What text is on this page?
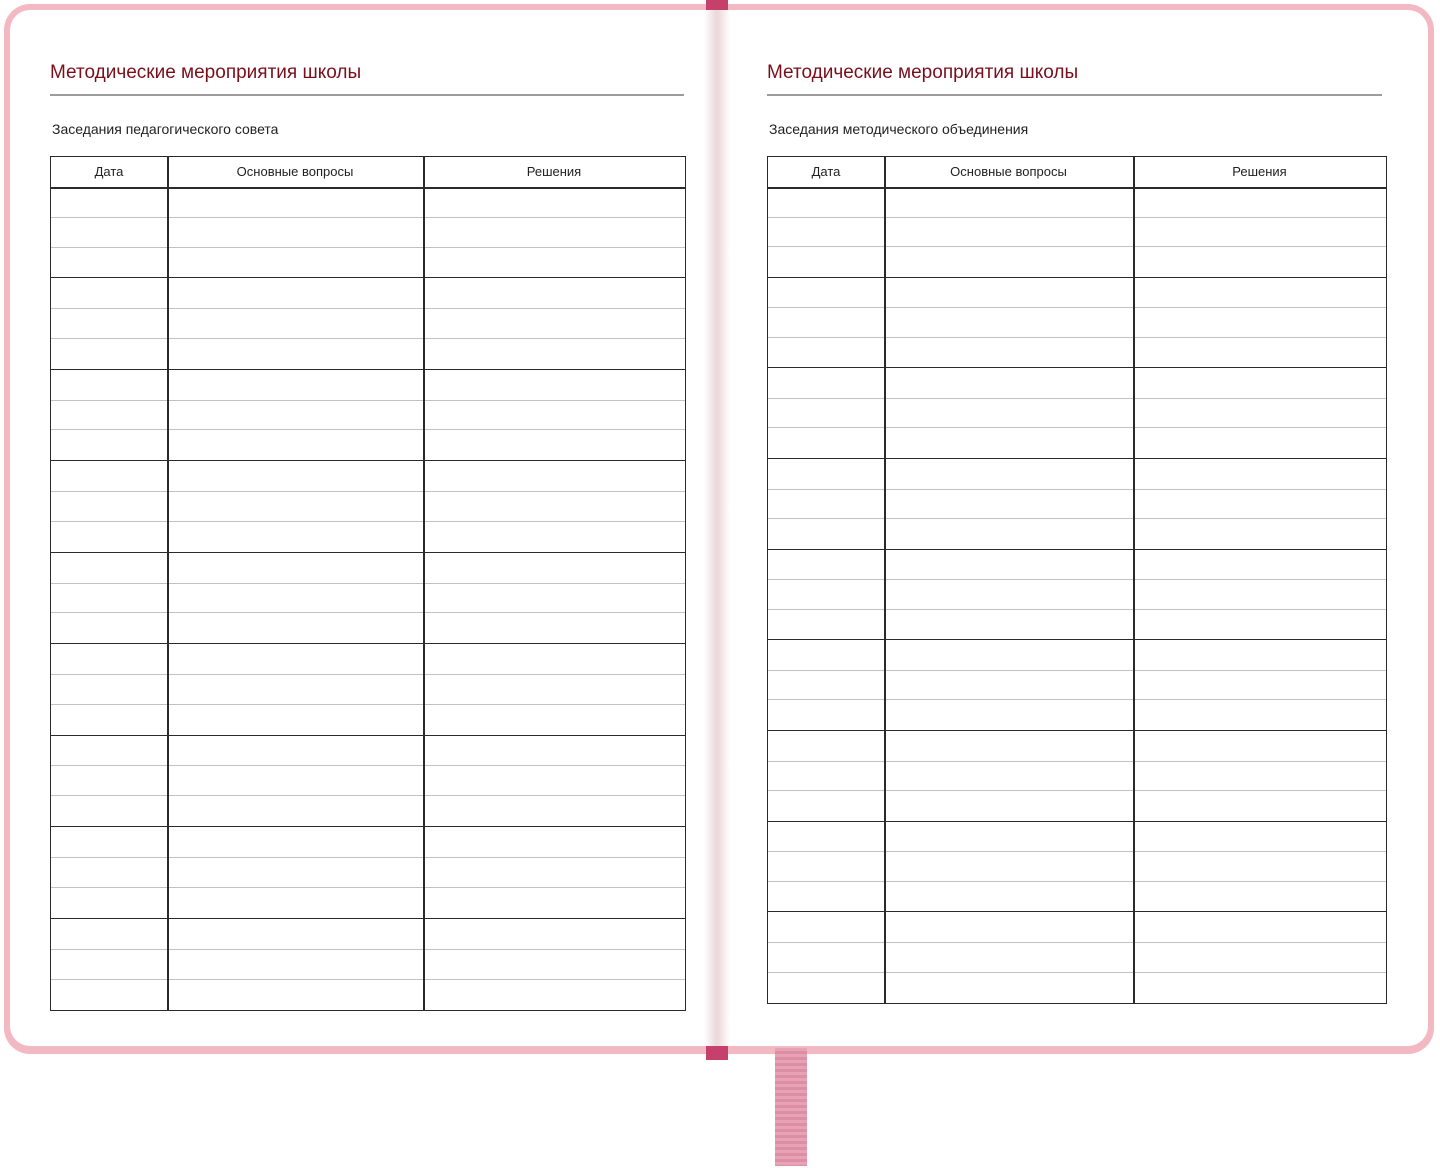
Методические мероприятия школы

Заседания педагогического совета

Дата	Основные вопросы	Решения
Методические мероприятия школы

Заседания методического объединения

Дата	Основные вопросы	Решения
